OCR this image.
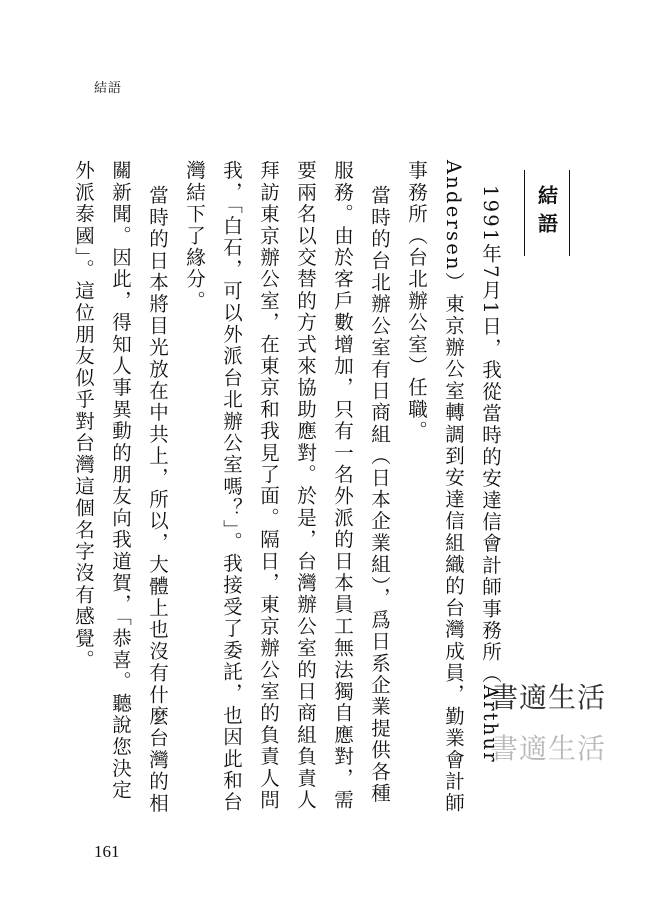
結語
結語

1991年7月1日，我從當時的安達信會計師事務所（Arthur Andersen）東京辦公室轉調到安達信組織的台灣成員，勤業會計師事務所（台北辦公室）任職。

當時的台北辦公室有日商組（日本企業組），爲日系企業提供各種服務。由於客戶數增加，只有一名外派的日本員工無法獨自應對，需要兩名以交替的方式來協助應對。於是，台灣辦公室的日商組負責人拜訪東京辦公室，在東京和我見了面。隔日，東京辦公室的負責人問我，「白石，可以外派台北辦公室嗎？」。我接受了委託，也因此和台灣結下了緣分。

當時的日本將目光放在中共上，所以，大體上也沒有什麼台灣的相關新聞。因此，得知人事異動的朋友向我道賀，「恭喜。聽說您決定外派泰國」。這位朋友似乎對台灣這個名字沒有感覺。

書適生活
書適生活
161
